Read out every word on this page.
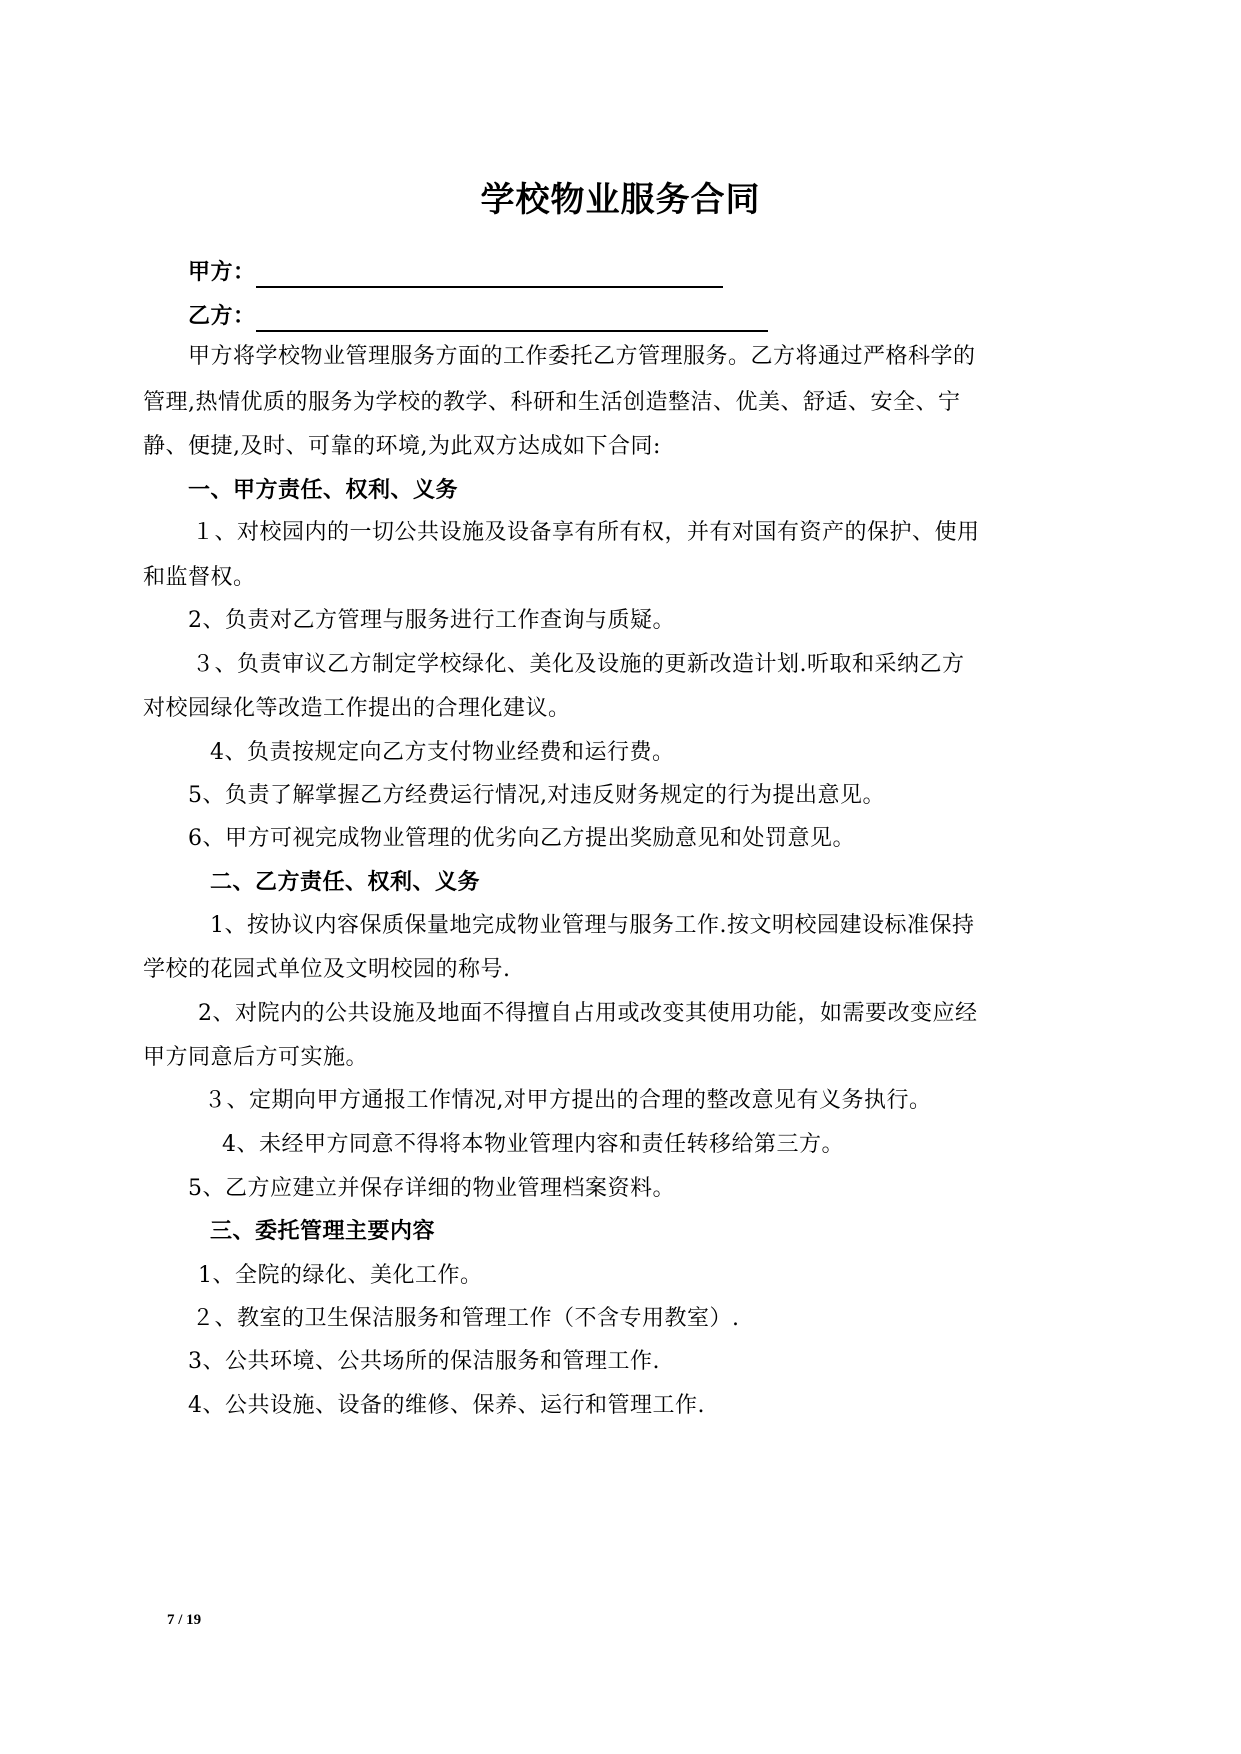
学校物业服务合同
甲方：
乙方：
甲方将学校物业管理服务方面的工作委托乙方管理服务。乙方将通过严格科学的
管理,热情优质的服务为学校的教学、科研和生活创造整洁、优美、舒适、安全、宁
静、便捷,及时、可靠的环境,为此双方达成如下合同:
一、甲方责任、权利、义务
１、对校园内的一切公共设施及设备享有所有权，并有对国有资产的保护、使用
和监督权。
2、负责对乙方管理与服务进行工作查询与质疑。
３、负责审议乙方制定学校绿化、美化及设施的更新改造计划.听取和采纳乙方
对校园绿化等改造工作提出的合理化建议。
4、负责按规定向乙方支付物业经费和运行费。
5、负责了解掌握乙方经费运行情况,对违反财务规定的行为提出意见。
6、甲方可视完成物业管理的优劣向乙方提出奖励意见和处罚意见。
二、乙方责任、权利、义务
1、按协议内容保质保量地完成物业管理与服务工作.按文明校园建设标准保持
学校的花园式单位及文明校园的称号.
2、对院内的公共设施及地面不得擅自占用或改变其使用功能，如需要改变应经
甲方同意后方可实施。
３、定期向甲方通报工作情况,对甲方提出的合理的整改意见有义务执行。
4、未经甲方同意不得将本物业管理内容和责任转移给第三方。
5、乙方应建立并保存详细的物业管理档案资料。
三、委托管理主要内容
1、全院的绿化、美化工作。
２、教室的卫生保洁服务和管理工作（不含专用教室）.
3、公共环境、公共场所的保洁服务和管理工作.
4、公共设施、设备的维修、保养、运行和管理工作.
7 / 19
